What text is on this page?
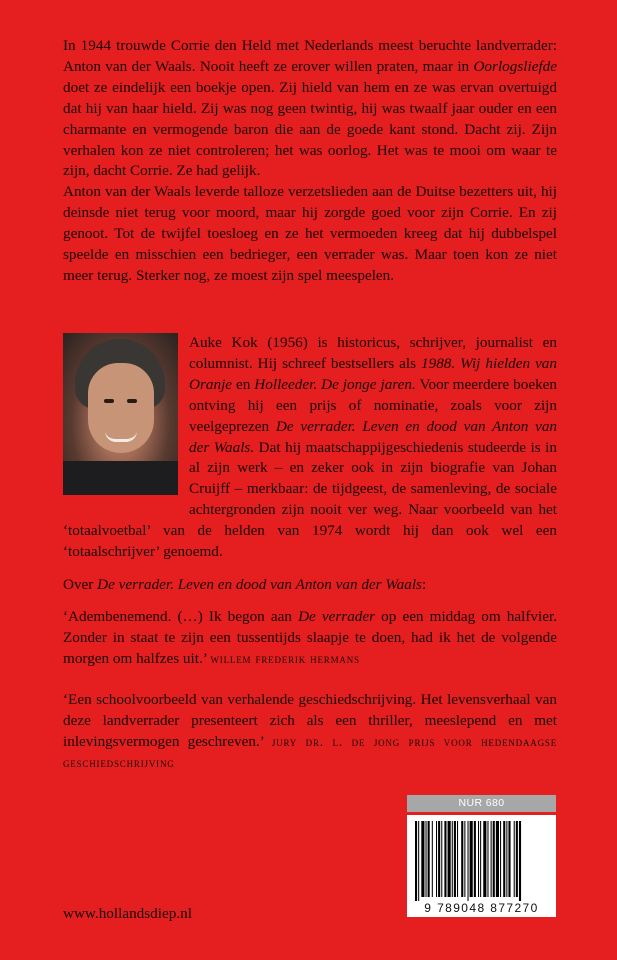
In 1944 trouwde Corrie den Held met Nederlands meest beruchte landverrader: Anton van der Waals. Nooit heeft ze erover willen praten, maar in Oorlogsliefde doet ze eindelijk een boekje open. Zij hield van hem en ze was ervan overtuigd dat hij van haar hield. Zij was nog geen twintig, hij was twaalf jaar ouder en een charmante en vermogende baron die aan de goede kant stond. Dacht zij. Zijn verhalen kon ze niet controleren; het was oorlog. Het was te mooi om waar te zijn, dacht Corrie. Ze had gelijk.

Anton van der Waals leverde talloze verzetslieden aan de Duitse bezetters uit, hij deinsde niet terug voor moord, maar hij zorgde goed voor zijn Corrie. En zij genoot. Tot de twijfel toesloeg en ze het vermoeden kreeg dat hij dubbelspel speelde en misschien een bedrieger, een verrader was. Maar toen kon ze niet meer terug. Sterker nog, ze moest zijn spel meespelen.

Auke Kok (1956) is historicus, schrijver, journalist en columnist. Hij schreef bestsellers als 1988. Wij hielden van Oranje en Holleeder. De jonge jaren. Voor meerdere boeken ontving hij een prijs of nominatie, zoals voor zijn veelgeprezen De verrader. Leven en dood van Anton van der Waals. Dat hij maatschappijgeschiedenis studeerde is in al zijn werk – en zeker ook in zijn biografie van Johan Cruijff – merkbaar: de tijdgeest, de samenleving, de sociale achtergronden zijn nooit ver weg. Naar voorbeeld van het ‘totaalvoetbal’ van de helden van 1974 wordt hij dan ook wel een ‘totaalschrijver’ genoemd.
Over De verrader. Leven en dood van Anton van der Waals:
‘Adembenemend. (…) Ik begon aan De verrader op een middag om halfvier. Zonder in staat te zijn een tussentijds slaapje te doen, had ik het de volgende morgen om halfzes uit.’ willem frederik hermans
‘Een schoolvoorbeeld van verhalende geschiedschrijving. Het levensverhaal van deze landverrader presenteert zich als een thriller, meeslepend en met inlevingsvermogen geschreven.’ jury dr. l. de jong prijs voor hedendaagse geschiedschrijving
NUR 680
9 789048 877270
www.hollandsdiep.nl
